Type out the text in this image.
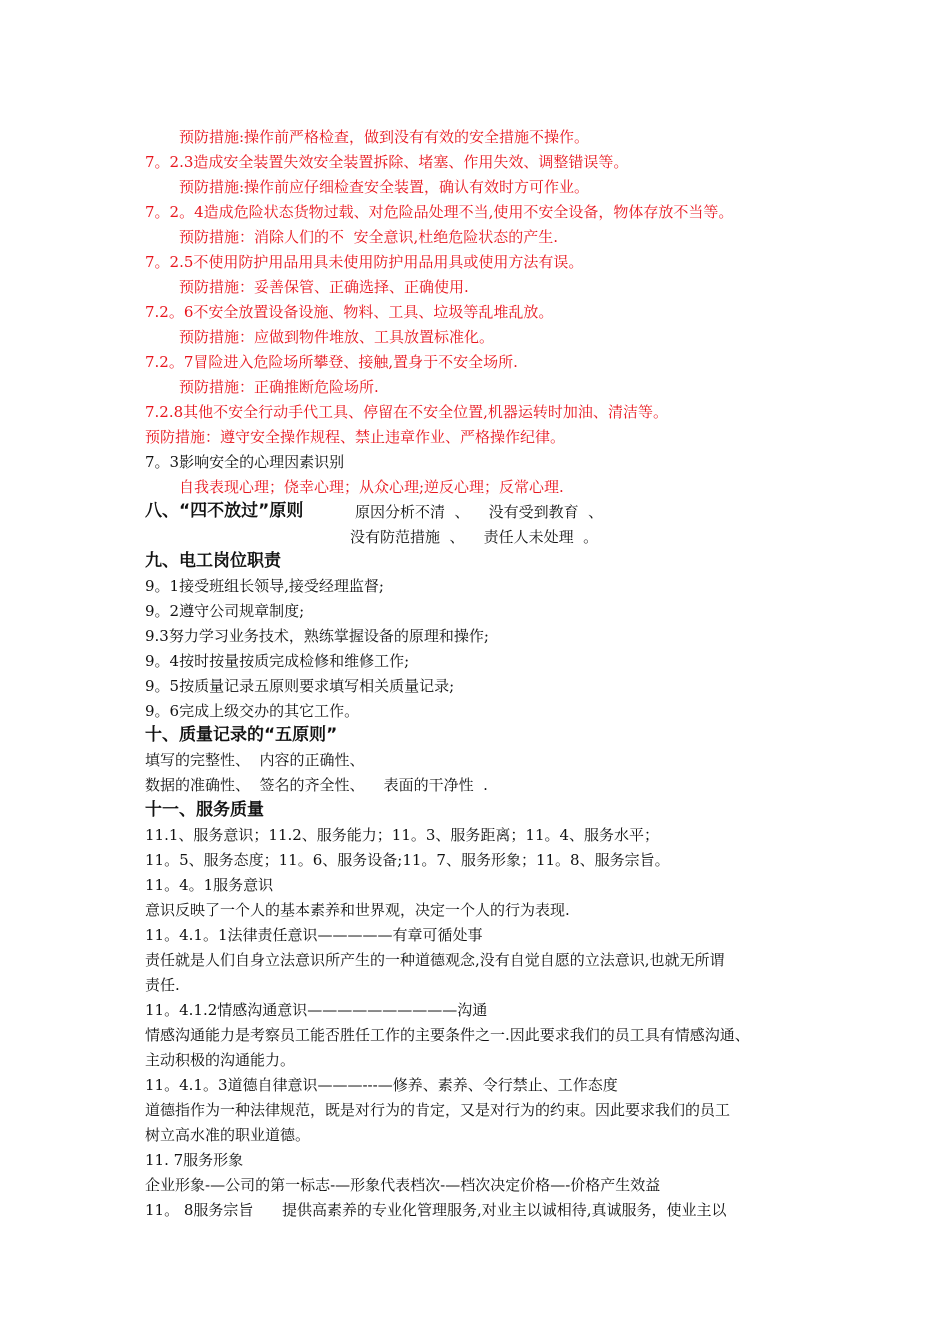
预防措施:操作前严格检查，做到没有有效的安全措施不操作。
7。2.3造成安全装置失效安全装置拆除、堵塞、作用失效、调整错误等。
预防措施:操作前应仔细检查安全装置，确认有效时方可作业。
7。2。4造成危险状态货物过载、对危险品处理不当,使用不安全设备，物体存放不当等。
预防措施：消除人们的不  安全意识,杜绝危险状态的产生.
7。2.5不使用防护用品用具未使用防护用品用具或使用方法有误。
预防措施：妥善保管、正确选择、正确使用.
7.2。6不安全放置设备设施、物料、工具、垃圾等乱堆乱放。
预防措施：应做到物件堆放、工具放置标准化。
7.2。7冒险进入危险场所攀登、接触,置身于不安全场所.
预防措施：正确推断危险场所.
7.2.8其他不安全行动手代工具、停留在不安全位置,机器运转时加油、清洁等。
预防措施：遵守安全操作规程、禁止违章作业、严格操作纪律。
7。3影响安全的心理因素识别
自我表现心理；侥幸心理；从众心理;逆反心理；反常心理.
八、“四不放过”原则	原因分析不清  、    没有受到教育  、
没有防范措施  、    责任人未处理  。
九、电工岗位职责
9。1接受班组长领导,接受经理监督;
9。2遵守公司规章制度;
9.3努力学习业务技术，熟练掌握设备的原理和操作;
9。4按时按量按质完成检修和维修工作;
9。5按质量记录五原则要求填写相关质量记录;
9。6完成上级交办的其它工作。
十、质量记录的“五原则”
填写的完整性、  内容的正确性、
数据的准确性、  签名的齐全性、    表面的干净性  .
十一、服务质量
11.1、服务意识；11.2、服务能力；11。3、服务距离；11。4、服务水平；
11。5、服务态度；11。6、服务设备;11。7、服务形象；11。8、服务宗旨。
11。4。1服务意识
意识反映了一个人的基本素养和世界观，决定一个人的行为表现.
11。4.1。1法律责任意识—————有章可循处事
责任就是人们自身立法意识所产生的一种道德观念,没有自觉自愿的立法意识,也就无所谓
责任.
11。4.1.2情感沟通意识——————————沟通
情感沟通能力是考察员工能否胜任工作的主要条件之一.因此要求我们的员工具有情感沟通、
主动积极的沟通能力。
11。4.1。3道德自律意识———---—修养、素养、令行禁止、工作态度
道德指作为一种法律规范，既是对行为的肯定，又是对行为的约束。因此要求我们的员工
树立高水准的职业道德。
11. 7服务形象
企业形象-—公司的第一标志-—形象代表档次-—档次决定价格—-价格产生效益
11。 8服务宗旨      提供高素养的专业化管理服务,对业主以诚相待,真诚服务，使业主以
